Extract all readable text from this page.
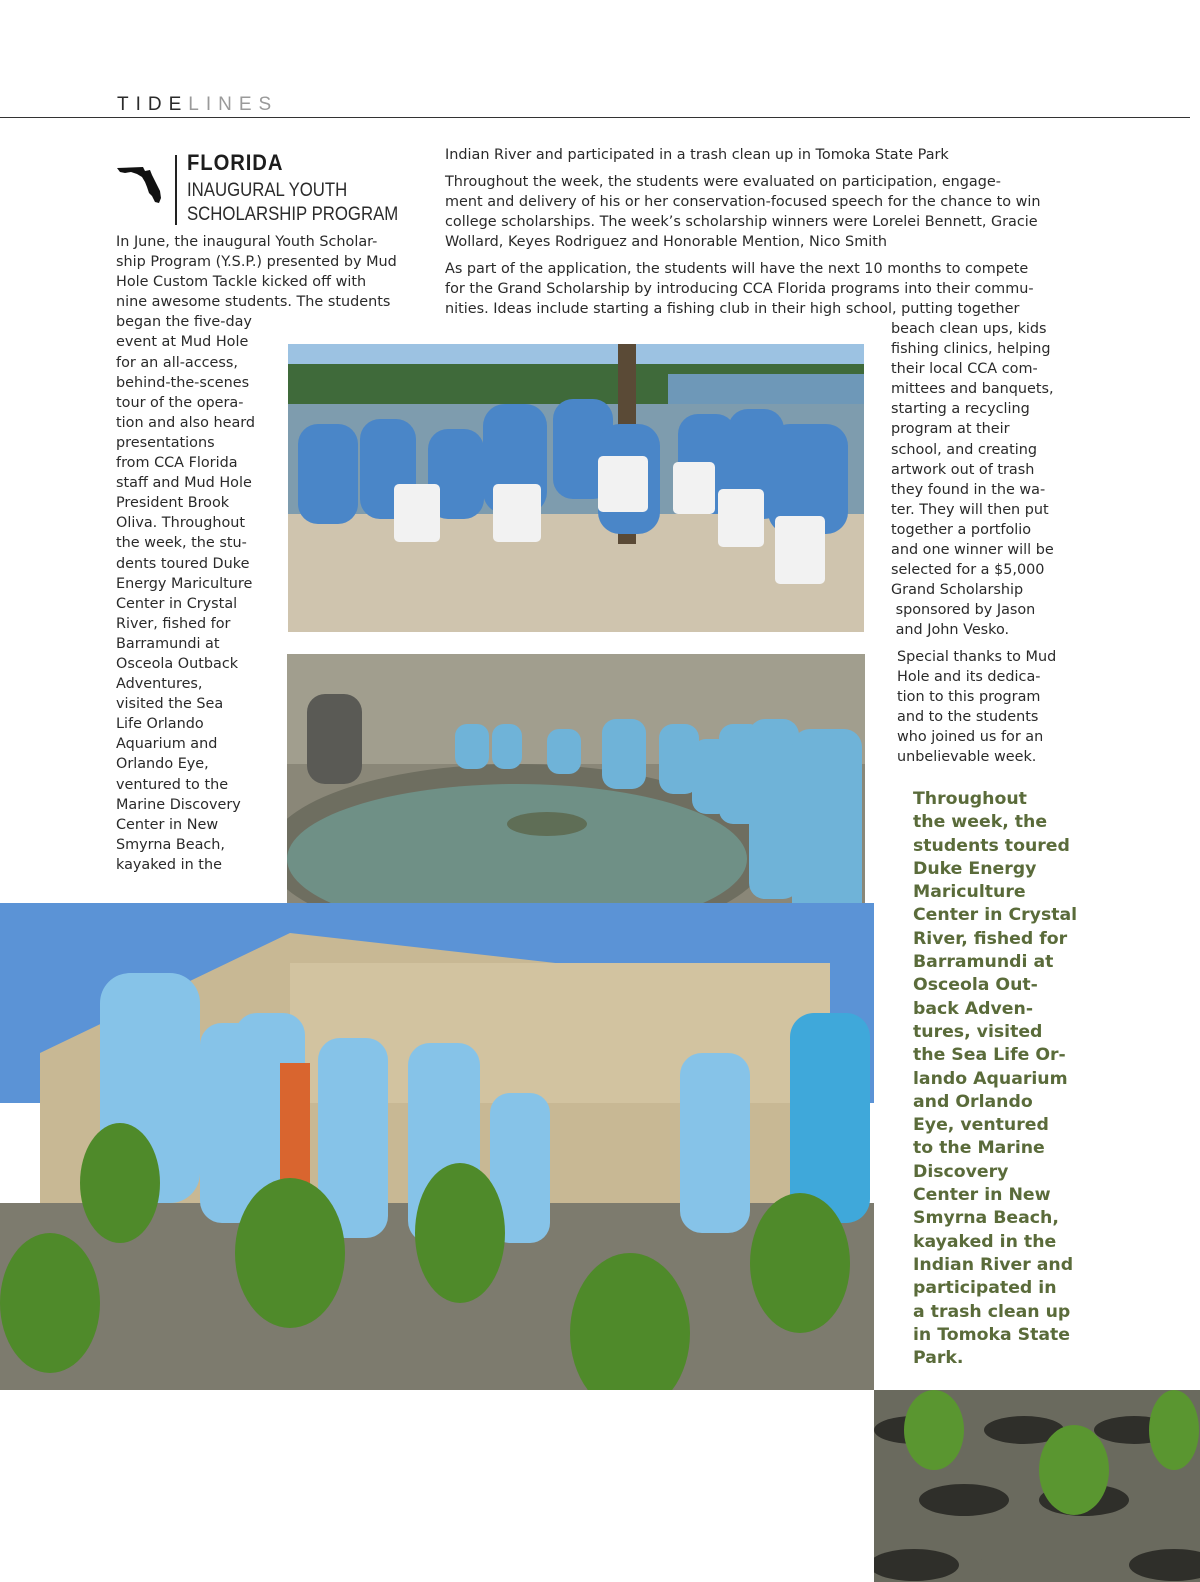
TIDELINES
FLORIDA
INAUGURAL YOUTH
SCHOLARSHIP PROGRAM
In June, the inaugural Youth Scholar-
ship Program (Y.S.P.) presented by Mud
Hole Custom Tackle kicked off with
nine awesome students. The students
began the five-day
event at Mud Hole
for an all-access,
behind-the-scenes
tour of the opera-
tion and also heard
presentations
from CCA Florida
staff and Mud Hole
President Brook
Oliva. Throughout
the week, the stu-
dents toured Duke
Energy Mariculture
Center in Crystal
River, fished for
Barramundi at
Osceola Outback
Adventures,
visited the Sea
Life Orlando
Aquarium and
Orlando Eye,
ventured to the
Marine Discovery
Center in New
Smyrna Beach,
kayaked in the
Indian River and participated in a trash clean up in Tomoka State Park
Throughout the week, the students were evaluated on participation, engage-
ment and delivery of his or her conservation-focused speech for the chance to win
college scholarships. The week’s scholarship winners were Lorelei Bennett, Gracie
Wollard, Keyes Rodriguez and Honorable Mention, Nico Smith
As part of the application, the students will have the next 10 months to compete
for the Grand Scholarship by introducing CCA Florida programs into their commu-
nities. Ideas include starting a fishing club in their high school, putting together
beach clean ups, kids
fishing clinics, helping
their local CCA com-
mittees and banquets,
starting a recycling
program at their
school, and creating
artwork out of trash
they found in the wa-
ter. They will then put
together a portfolio
and one winner will be
selected for a $5,000
Grand Scholarship
sponsored by Jason
and John Vesko.
Special thanks to Mud
Hole and its dedica-
tion to this program
and to the students
who joined us for an
unbelievable week.
Throughout
the week, the
students toured
Duke Energy
Mariculture
Center in Crystal
River, fished for
Barramundi at
Osceola Out-
back Adven-
tures, visited
the Sea Life Or-
lando Aquarium
and Orlando
Eye, ventured
to the Marine
Discovery
Center in New
Smyrna Beach,
kayaked in the
Indian River and
participated in
a trash clean up
in Tomoka State
Park.
